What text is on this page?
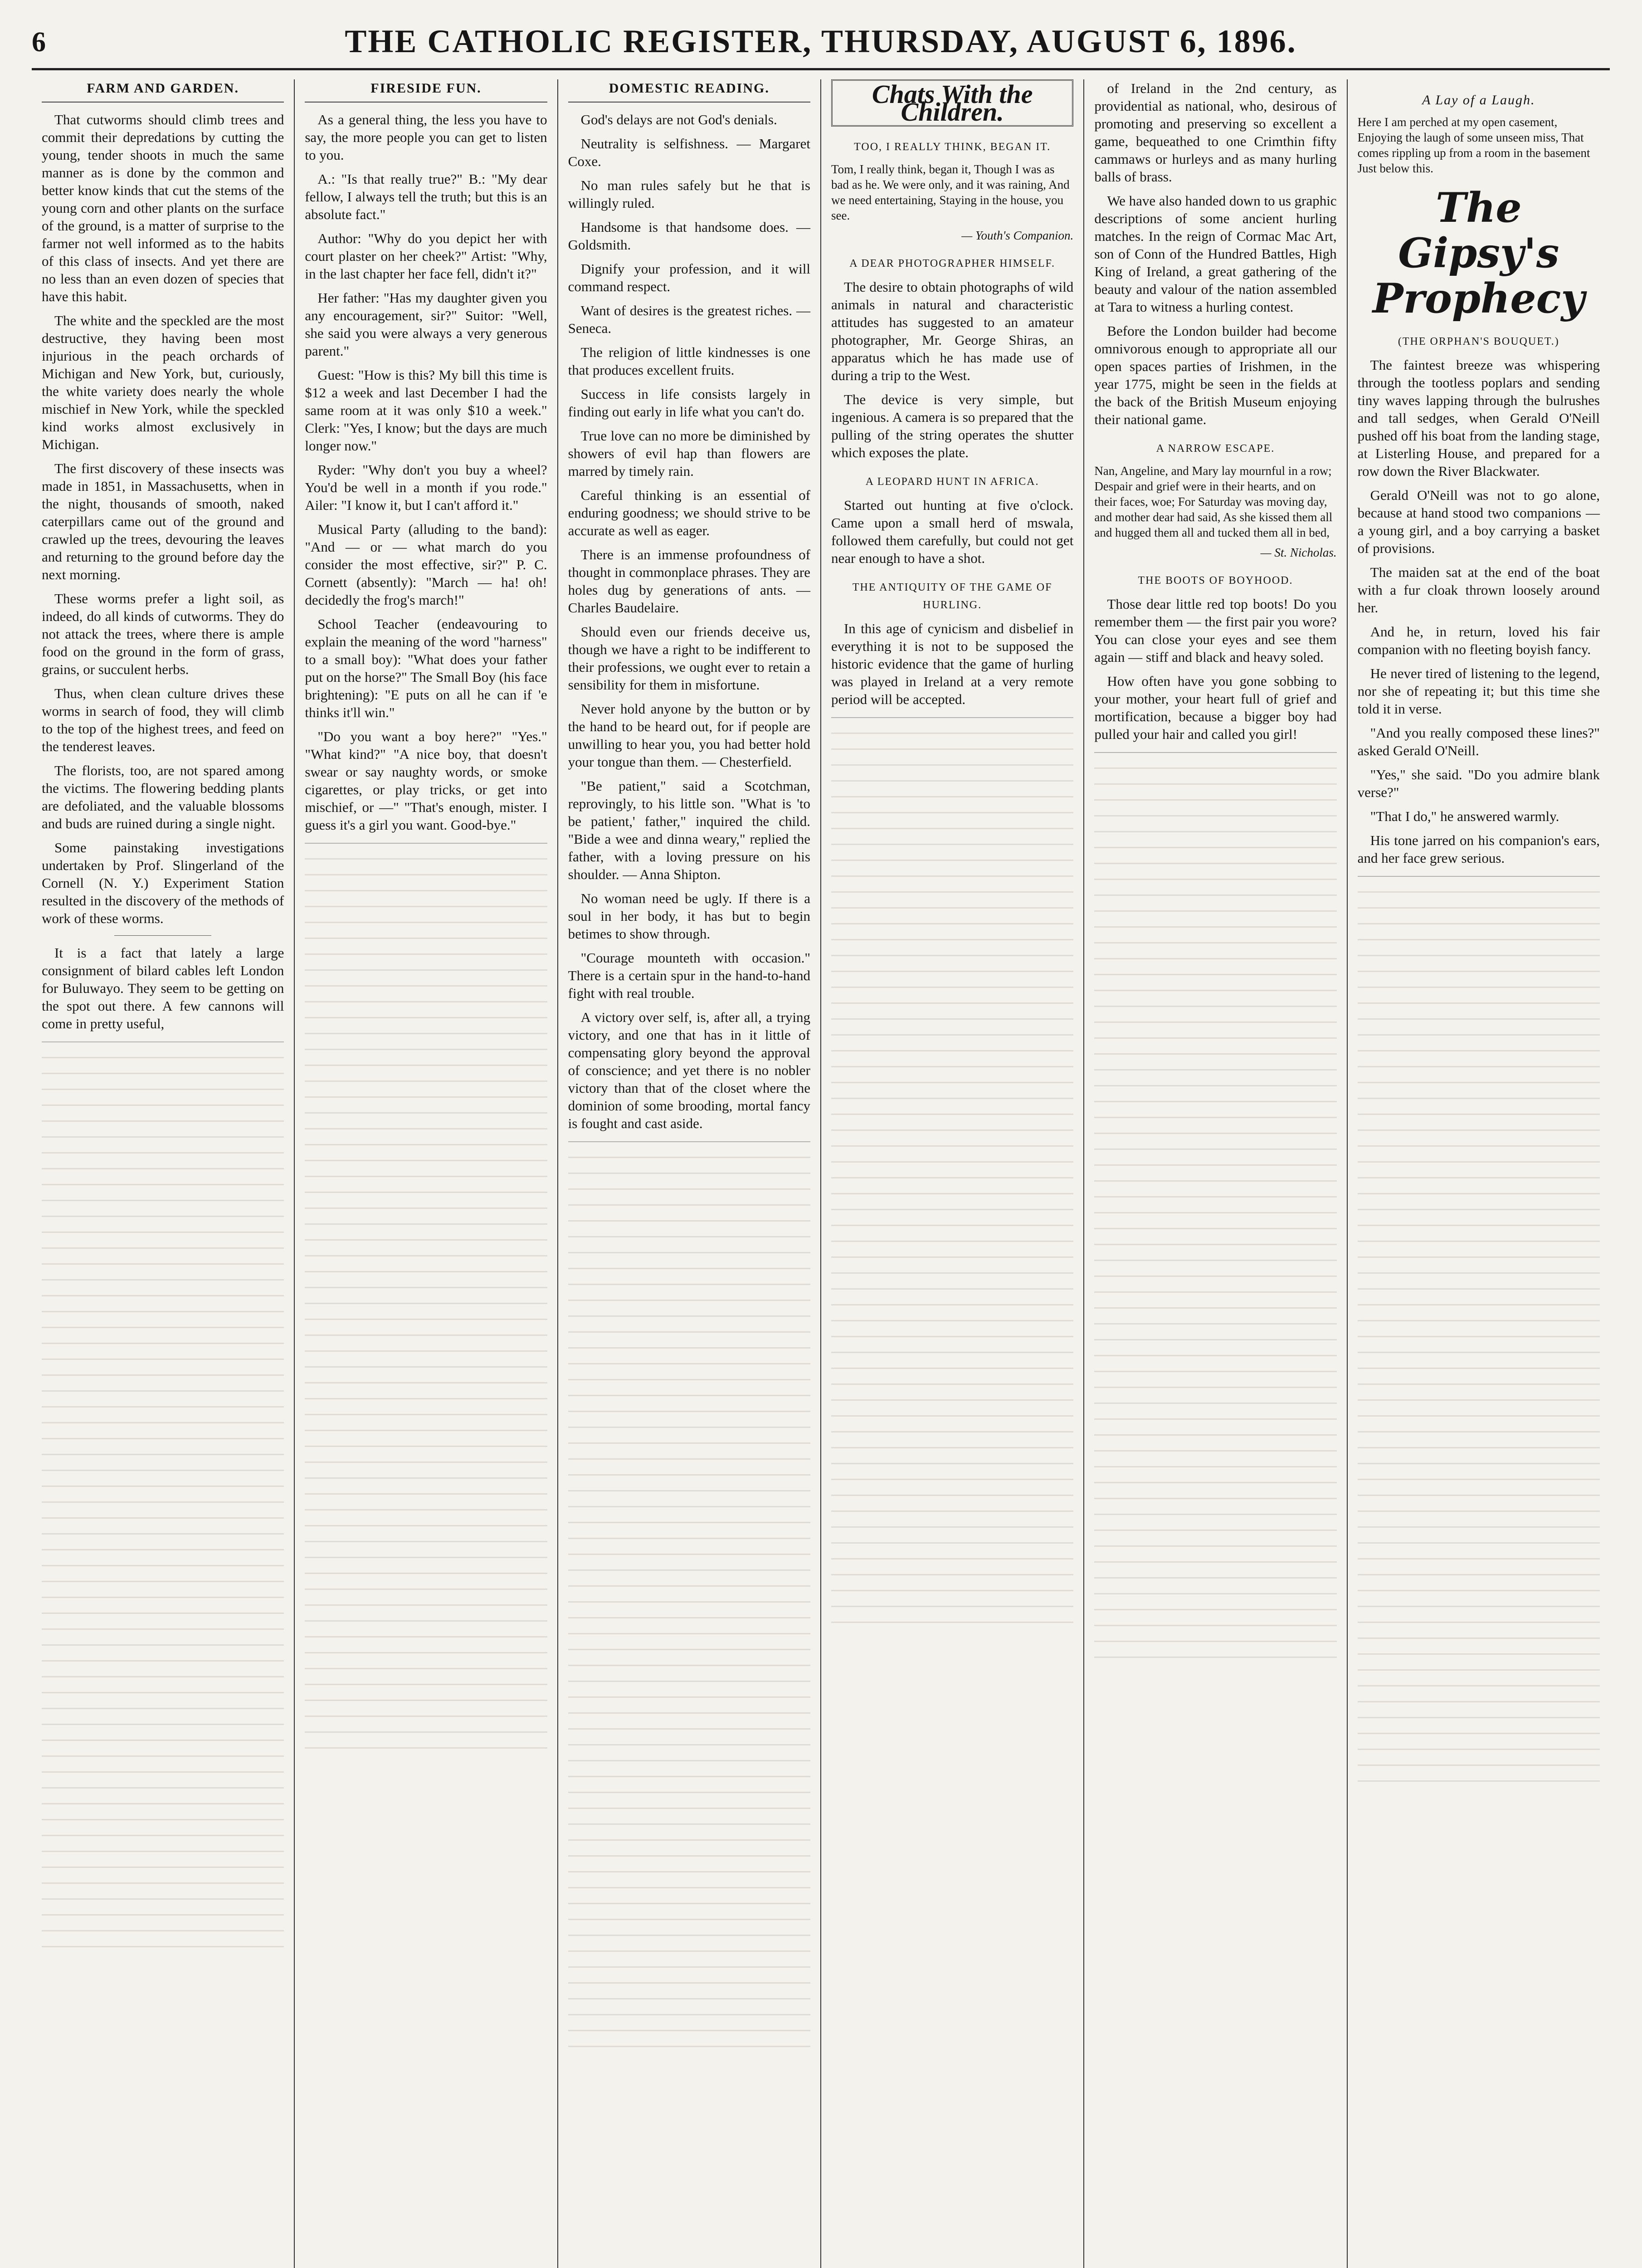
6	THE CATHOLIC REGISTER, THURSDAY, AUGUST 6, 1896.
FARM AND GARDEN.

That cutworms should climb trees and commit their depredations by cutting the young, tender shoots in much the same manner as is done by the common and better know kinds that cut the stems of the young corn and other plants on the surface of the ground, is a matter of surprise to the farmer not well informed as to the habits of this class of insects. And yet there are no less than an even dozen of species that have this habit.

The white and the speckled are the most destructive, they having been most injurious in the peach orchards of Michigan and New York, but, curiously, the white variety does nearly the whole mischief in New York, while the speckled kind works almost exclusively in Michigan.

The first discovery of these insects was made in 1851, in Massachusetts, when in the night, thousands of smooth, naked caterpillars came out of the ground and crawled up the trees, devouring the leaves and returning to the ground before day the next morning.

These worms prefer a light soil, as indeed, do all kinds of cutworms. They do not attack the trees, where there is ample food on the ground in the form of grass, grains, or succulent herbs.

Thus, when clean culture drives these worms in search of food, they will climb to the top of the highest trees, and feed on the tenderest leaves.

The florists, too, are not spared among the victims. The flowering bedding plants are defoliated, and the valuable blossoms and buds are ruined during a single night.

Some painstaking investigations undertaken by Prof. Slingerland of the Cornell (N. Y.) Experiment Station resulted in the discovery of the methods of work of these worms.

It is a fact that lately a large consignment of bilard cables left London for Buluwayo. They seem to be getting on the spot out there. A few cannons will come in pretty useful,

FIRESIDE FUN.

As a general thing, the less you have to say, the more people you can get to listen to you.

A.: "Is that really true?" B.: "My dear fellow, I always tell the truth; but this is an absolute fact."

Author: "Why do you depict her with court plaster on her cheek?" Artist: "Why, in the last chapter her face fell, didn't it?"

Her father: "Has my daughter given you any encouragement, sir?" Suitor: "Well, she said you were always a very generous parent."

Guest: "How is this? My bill this time is $12 a week and last December I had the same room at it was only $10 a week." Clerk: "Yes, I know; but the days are much longer now."

Ryder: "Why don't you buy a wheel? You'd be well in a month if you rode." Ailer: "I know it, but I can't afford it."

Musical Party (alluding to the band): "And — or — what march do you consider the most effective, sir?" P. C. Cornett (absently): "March — ha! oh! decidedly the frog's march!"

School Teacher (endeavouring to explain the meaning of the word "harness" to a small boy): "What does your father put on the horse?" The Small Boy (his face brightening): "E puts on all he can if 'e thinks it'll win."

"Do you want a boy here?" "Yes." "What kind?" "A nice boy, that doesn't swear or say naughty words, or smoke cigarettes, or play tricks, or get into mischief, or —" "That's enough, mister. I guess it's a girl you want. Good-bye."

DOMESTIC READING.

God's delays are not God's denials.

Neutrality is selfishness. — Margaret Coxe.

No man rules safely but he that is willingly ruled.

Handsome is that handsome does. — Goldsmith.

Dignify your profession, and it will command respect.

Want of desires is the greatest riches. — Seneca.

The religion of little kindnesses is one that produces excellent fruits.

Success in life consists largely in finding out early in life what you can't do.

True love can no more be diminished by showers of evil hap than flowers are marred by timely rain.

Careful thinking is an essential of enduring goodness; we should strive to be accurate as well as eager.

There is an immense profoundness of thought in commonplace phrases. They are holes dug by generations of ants. — Charles Baudelaire.

Should even our friends deceive us, though we have a right to be indifferent to their professions, we ought ever to retain a sensibility for them in misfortune.

Never hold anyone by the button or by the hand to be heard out, for if people are unwilling to hear you, you had better hold your tongue than them. — Chesterfield.

"Be patient," said a Scotchman, reprovingly, to his little son. "What is 'to be patient,' father," inquired the child. "Bide a wee and dinna weary," replied the father, with a loving pressure on his shoulder. — Anna Shipton.

No woman need be ugly. If there is a soul in her body, it has but to begin betimes to show through.

"Courage mounteth with occasion." There is a certain spur in the hand-to-hand fight with real trouble.

A victory over self, is, after all, a trying victory, and one that has in it little of compensating glory beyond the approval of conscience; and yet there is no nobler victory than that of the closet where the dominion of some brooding, mortal fancy is fought and cast aside.

Chats With the Children.
TOO, I REALLY THINK, BEGAN IT.

Tom, I really think, began it, Though I was as bad as he. We were only, and it was raining, And we need entertaining, Staying in the house, you see.

— Youth's Companion.

A DEAR PHOTOGRAPHER HIMSELF.

The desire to obtain photographs of wild animals in natural and characteristic attitudes has suggested to an amateur photographer, Mr. George Shiras, an apparatus which he has made use of during a trip to the West.

The device is very simple, but ingenious. A camera is so prepared that the pulling of the string operates the shutter which exposes the plate.

A LEOPARD HUNT IN AFRICA.

Started out hunting at five o'clock. Came upon a small herd of mswala, followed them carefully, but could not get near enough to have a shot.

THE ANTIQUITY OF THE GAME OF HURLING.

In this age of cynicism and disbelief in everything it is not to be supposed the historic evidence that the game of hurling was played in Ireland at a very remote period will be accepted.

of Ireland in the 2nd century, as providential as national, who, desirous of promoting and preserving so excellent a game, bequeathed to one Crimthin fifty cammaws or hurleys and as many hurling balls of brass.

We have also handed down to us graphic descriptions of some ancient hurling matches. In the reign of Cormac Mac Art, son of Conn of the Hundred Battles, High King of Ireland, a great gathering of the beauty and valour of the nation assembled at Tara to witness a hurling contest.

Before the London builder had become omnivorous enough to appropriate all our open spaces parties of Irishmen, in the year 1775, might be seen in the fields at the back of the British Museum enjoying their national game.

A NARROW ESCAPE.

Nan, Angeline, and Mary lay mournful in a row; Despair and grief were in their hearts, and on their faces, woe; For Saturday was moving day, and mother dear had said, As she kissed them all and hugged them all and tucked them all in bed,

— St. Nicholas.

THE BOOTS OF BOYHOOD.

Those dear little red top boots! Do you remember them — the first pair you wore? You can close your eyes and see them again — stiff and black and heavy soled.

How often have you gone sobbing to your mother, your heart full of grief and mortification, because a bigger boy had pulled your hair and called you girl!

A Lay of a Laugh.

Here I am perched at my open casement, Enjoying the laugh of some unseen miss, That comes rippling up from a room in the basement Just below this.

The Gipsy's Prophecy
(THE ORPHAN'S BOUQUET.)

The faintest breeze was whispering through the tootless poplars and sending tiny waves lapping through the bulrushes and tall sedges, when Gerald O'Neill pushed off his boat from the landing stage, at Listerling House, and prepared for a row down the River Blackwater.

Gerald O'Neill was not to go alone, because at hand stood two companions — a young girl, and a boy carrying a basket of provisions.

The maiden sat at the end of the boat with a fur cloak thrown loosely around her.

And he, in return, loved his fair companion with no fleeting boyish fancy.

He never tired of listening to the legend, nor she of repeating it; but this time she told it in verse.

"And you really composed these lines?" asked Gerald O'Neill.

"Yes," she said. "Do you admire blank verse?"

"That I do," he answered warmly.

His tone jarred on his companion's ears, and her face grew serious.
